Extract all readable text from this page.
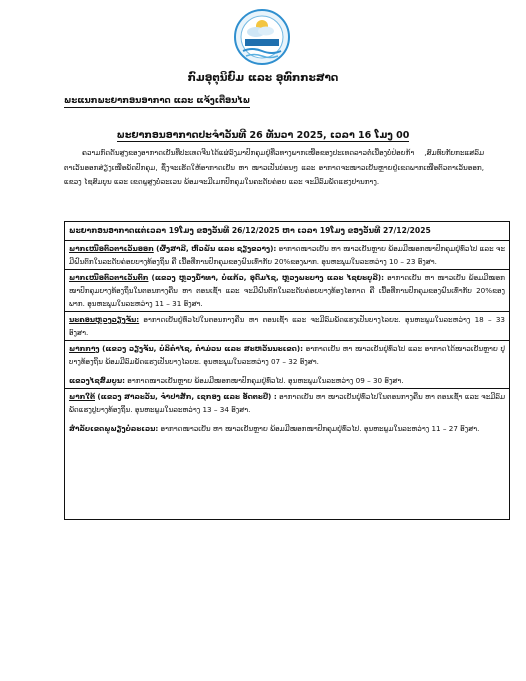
ກົມອຸຕຸນິຍົມ ແລະ ອຸທົກກະສາດ
ພະແນກພະຍາກອນອາກາດ ແລະ ແຈ້ງເຕືອນໄພ
ພະຍາກອນອາກາດປະຈຳວັນທີ 26 ທັນວາ 2025, ເວລາ 16 ໂມງ 00
ຄວາມກົດດັນສູງຂອງອາກາດເຢັນທີ່ປະເທດຈີນໄດ້ແຜ່ລົງມາປົກຄຸມຢູ່ທີ່ວທາງພາກເໜືອຂອງປະເທດລາວຕໍ່ເນື່ອງບໍ່ປ່ອຍກ້າ ,ສົມທົບກັບກະແສລົມຕາເວັນອອກສ່ຽງເໜືອພັດປົກຄຸມ, ຊຶ່ງຈະເຮັດໃຫ້ອາກາດເຢັນ ຫາ ໜາວເປັນບ່ອນໆ ແລະ ອາກາດຈະໜາວເຢັນຫຼາຍຢູ່ເຂດພາກເໜືອຕົວຕາເວັນອອກ, ແຂວງ ໄຊສົມບູນ ແລະ ເຂດພູສູງບໍ່ລະເວນ ພ້ອມຈະມີເມກປົກຄຸມໃນຄະດັບຄ່ອຍ ແລະ ຈະມີລົມພັດແຮງປານກາງ.
ພະຍາກອນອາກາດແຕ່ເວລາ 19ໂມງ ຂອງວັນທີ 26/12/2025 ຫາ ເວລາ 19ໂມງ ຂອງວັນທີ 27/12/2025
ພາກເໜືອຕົວຕາເວັນອອກ (ຜົ້ງສາລີ, ຫົວພັນ ແລະ ຊຽງຂວາງ): ອາກາດໜາວເຢັນ ຫາ ໜາວເຢັນຫຼາຍ ພ້ອມມີໝອກໜາປົກຄຸມຢູ່ທົ່ວໄປ ແລະ ຈະມີຝົນຕົກໃນລະດັບຄ່ອຍບາງທ້ອງຖິ່ນ ຄື ເນື້ອທີ່ການປົກຄຸມຂອງຝົນເທົ່າກັບ 20%ຂອງພາກ. ອຸນຫະພູມໃນລະຫວ່າງ 10 – 23 ອົງສາ.
ພາກເໜືອຕົວຕາເວັນຕົກ (ແຂວງ ຫຼວງນ້ຳທາ, ບໍ່ແກ້ວ, ອຸດົມໄຊ, ຫຼວງພະບາງ ແລະ ໄຊຍະບູລີ): ອາກາດເຢັນ ຫາ ໜາວເຢັນ ພ້ອມມີໝອກໜາປົກຄຸມບາງທ້ອງຖິ່ນໃນຕອນກາງຄືນ ຫາ ຕອນເຊົ້າ ແລະ ຈະມີຝົນຕົກໃນລະດັບຄ່ອຍບາງທ້ອງໄອກາດ ຄື ເນື້ອທີ່ການປົກຄຸມຂອງຝົນເທົ່າກັບ 20%ຂອງພາກ. ອຸນຫະພູມໃນລະຫວ່າງ 11 – 31 ອົງສາ.
ນະຄອນຫຼວງວຽງຈັນ: ອາກາດເຢັນຢູ່ທົ່ວໄປໃນຕອນກາງຄືນ ຫາ ຕອນເຊົ້າ ແລະ ຈະມີລົມພັດແຮງເປັນບາງໄລຍະ. ອຸນຫະພູມໃນລະຫວ່າງ 18 – 33 ອົງສາ.
ພາກກາງ (ແຂວງ ວຽງຈັນ, ບໍລິຄຳໄຊ, ຄຳມ່ວນ ແລະ ສະຫວັນນະເຂດ): ອາກາດເຢັນ ຫາ ໜາວເຢັນຢູ່ທົ່ວໄປ ແລະ ອາກາດໄດ້ໜາວເຢັນຫຼາຍ ປູບາງທ້ອງຖິ່ນ ພ້ອມມີລົມພັດແຮງເປັນບາງໄລຍະ. ອຸນຫະພູມໃນລະຫວ່າງ 07 – 32 ອົງສາ.
ແຂວງໄຊສົມບູນ: ອາກາດໜາວເຢັນຫຼາຍ ພ້ອມມີໝອກໜາປົກຄຸມຢູ່ທົ່ວໄປ. ອຸນຫະພູມໃນລະຫວ່າງ 09 – 30 ອົງສາ.
ພາກໃຕ້ (ແຂວງ ສາລະວັນ, ຈຳປາສັກ, ເຊກອງ ແລະ ອັດຕະປື) : ອາກາດເຢັນ ຫາ ໜາວເຢັນຢູ່ທົ່ວໄປໃນຕອນກາງຄືນ ຫາ ຕອນເຊົ້າ ແລະ ຈະມີລົມພັດແຮງປູບາງທ້ອງຖິ່ນ. ອຸນຫະພູມໃນລະຫວ່າງ 13 – 34 ອົງສາ.
ສຳລັບເຂດພູພຽງບໍ່ລະເວນ: ອາກາດໜາວເຢັນ ຫາ ໜາວເຢັນຫຼາຍ ພ້ອມມີໝອກໜາປົກຄຸມຢູ່ທົ່ວໄປ. ອຸນຫະພູມໃນລະຫວ່າງ 11 – 27 ອົງສາ.
